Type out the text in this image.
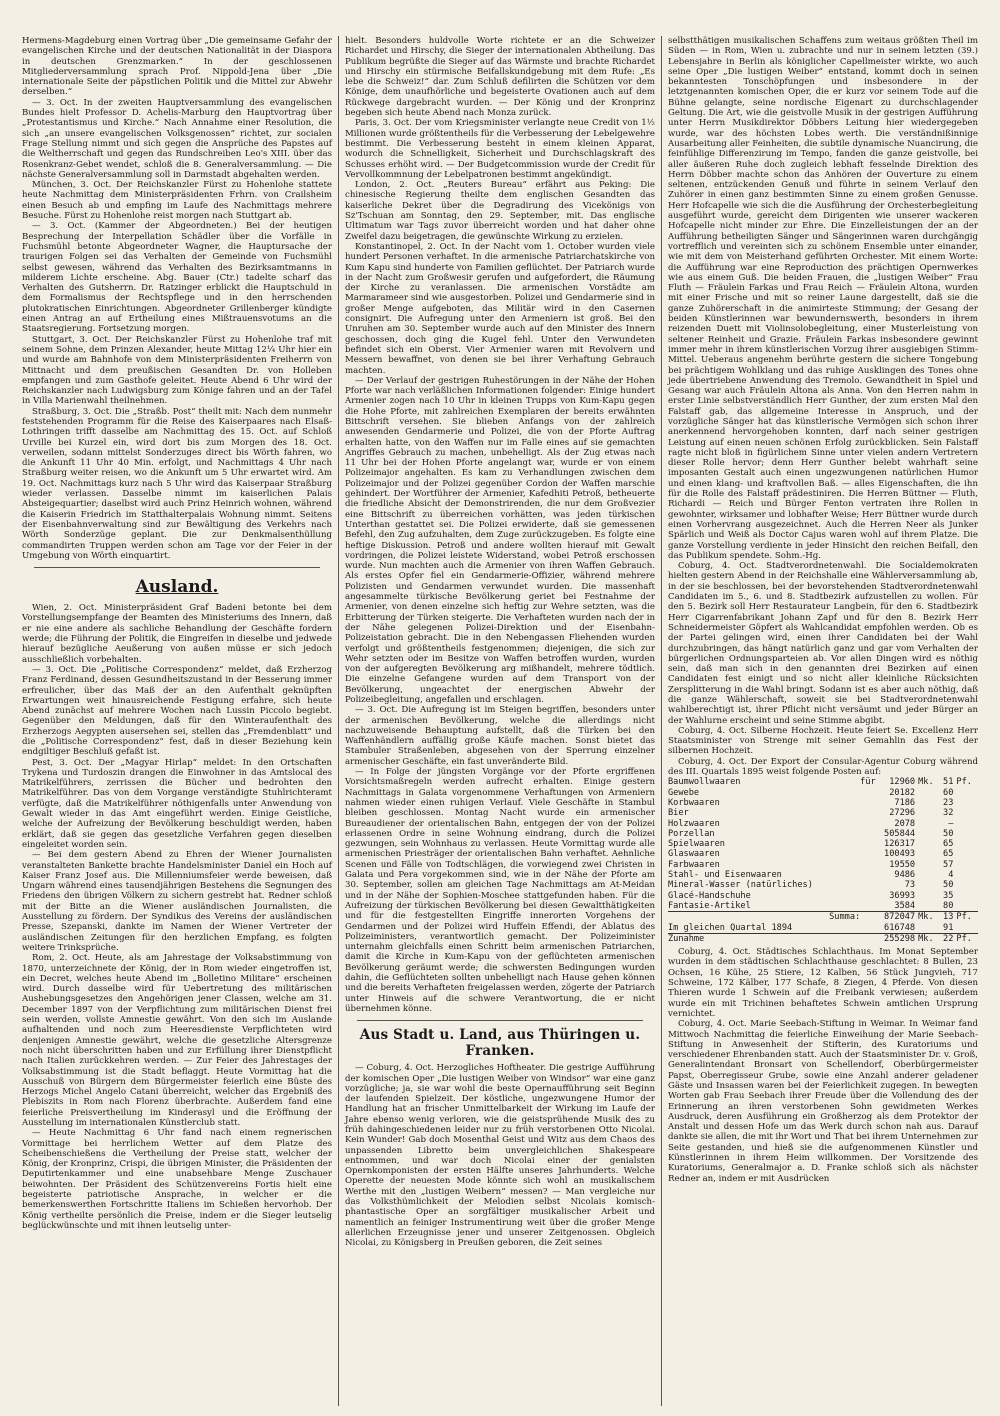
Hermens-Magdeburg einen Vortrag über „Die gemeinsame Gefahr der evangelischen Kirche und der deutschen Nationalität in der Diaspora in deutschen Grenzmarken.“ In der geschlossenen Mitgliederversammlung sprach Prof. Nippold-Jena über „Die internationale Seite der päpstlichen Politik und die Mittel zur Abwehr derselben.“

— 3. Oct. In der zweiten Hauptversammlung des evangelischen Bundes hielt Professor D. Achelis-Marburg den Hauptvortrag über „Protestantismus und Kirche.“ Nach Annahme einer Resolution, die sich „an unsere evangelischen Volksgenossen“ richtet, zur socialen Frage Stellung nimmt und sich gegen die Ansprüche des Papstes auf die Weltherrschaft und gegen das Rundschreiben Leo's XIII. über das Rosenkranz-Gebet wendet, schloß die 8. Generalversammlung. — Die nächste Generalversammlung soll in Darmstadt abgehalten werden.

München, 3. Oct. Der Reichskanzler Fürst zu Hohenlohe stattete heute Nachmittag dem Ministerpräsidenten Frhrn. von Crailsheim einen Besuch ab und empfing im Laufe des Nachmittags mehrere Besuche. Fürst zu Hohenlohe reist morgen nach Stuttgart ab.

— 3. Oct. (Kammer der Abgeordneten.) Bei der heutigen Besprechung der Interpellation Schädler über die Vorfälle in Fuchsmühl betonte Abgeordneter Wagner, die Hauptursache der traurigen Folgen sei das Verhalten der Gemeinde von Fuchsmühl selbst gewesen, während das Verhalten des Bezirksamtmanns in milderem Lichte erscheine. Abg. Bauer (Ctr.) tadelte scharf das Verhalten des Gutsherrn. Dr. Ratzinger erblickt die Hauptschuld in dem Formalismus der Rechtspflege und in den herrschenden plutokratischen Einrichtungen. Abgeordneter Grillenberger kündigte einen Antrag an auf Ertheilung eines Mißtrauensvotums an die Staatsregierung. Fortsetzung morgen.

Stuttgart, 3. Oct. Der Reichskanzler Fürst zu Hohenlohe traf mit seinem Sohne, dem Prinzen Alexander, heute Mittag 12¼ Uhr hier ein und wurde am Bahnhofe von dem Ministerpräsidenten Freiherrn von Mittnacht und dem preußischen Gesandten Dr. von Holleben empfangen und zum Gasthofe geleitet. Heute Abend 6 Uhr wird der Reichskanzler nach Ludwigsburg zum Könige fahren und an der Tafel in Villa Marienwahl theilnehmen.

Straßburg, 3. Oct. Die „Straßb. Post“ theilt mit: Nach dem nunmehr feststehenden Programm für die Reise des Kaiserpaares nach Elsaß-Lothringen trifft dasselbe am Nachmittag des 15. Oct. auf Schloß Urville bei Kurzel ein, wird dort bis zum Morgen des 18. Oct. verweilen, sodann mittelst Sonderzuges direct bis Wörth fahren, wo die Ankunft 11 Uhr 40 Min. erfolgt, und Nachmittags 4 Uhr nach Straßburg weiter reisen, wo die Ankunft um 5 Uhr erwartet wird. Am 19. Oct. Nachmittags kurz nach 5 Uhr wird das Kaiserpaar Straßburg wieder verlassen. Dasselbe nimmt im kaiserlichen Palais Absteigequartier; daselbst wird auch Prinz Heinrich wohnen, während die Kaiserin Friedrich im Statthalterpalais Wohnung nimmt. Seitens der Eisenbahnverwaltung sind zur Bewältigung des Verkehrs nach Wörth Sonderzüge geplant. Die zur Denkmalsenthüllung commandirten Truppen werden schon am Tage vor der Feier in der Umgebung von Wörth einquartirt.

Ausland.

Wien, 2. Oct. Ministerpräsident Graf Badeni betonte bei dem Vorstellungsempfange der Beamten des Ministeriums des Innern, daß er nie eine andere als sachliche Behandlung der Geschäfte fordern werde; die Führung der Politik, die Eingreifen in dieselbe und jedwede hierauf bezügliche Aeußerung von außen müsse er sich jedoch ausschließlich vorbehalten.

— 3. Oct. Die „Politische Correspondenz“ meldet, daß Erzherzog Franz Ferdinand, dessen Gesundheitszustand in der Besserung immer erfreulicher, über das Maß der an den Aufenthalt geknüpften Erwartungen weit hinausreichende Festigung erfahre, sich heute Abend zunächst auf mehrere Wochen nach Lussin Piccolo begiebt. Gegenüber den Meldungen, daß für den Winteraufenthalt des Erzherzogs Aegypten ausersehen sei, stellen das „Fremdenblatt“ und die „Politische Correspondenz“ fest, daß in dieser Beziehung kein endgiltiger Beschluß gefaßt ist.

Pest, 3. Oct. Der „Magyar Hirlap“ meldet: In den Ortschaften Trykena und Turdoszin drangen die Einwohner in das Amtslocal des Matrikelführers, zerrissen die Bücher und bedrohten den Matrikelführer. Das von dem Vorgange verständigte Stuhlrichteramt verfügte, daß die Matrikelführer nöthigenfalls unter Anwendung von Gewalt wieder in das Amt eingeführt werden. Einige Geistliche, welche der Aufreizung der Bevölkerung beschuldigt werden, haben erklärt, daß sie gegen das gesetzliche Verfahren gegen dieselben eingeleitet worden sein.

— Bei dem gestern Abend zu Ehren der Wiener Journalisten veranstalteten Bankette brachte Handelsminister Daniel ein Hoch auf Kaiser Franz Josef aus. Die Millenniumsfeier werde beweisen, daß Ungarn während eines tausendjährigen Bestehens die Segnungen des Friedens den übrigen Völkern zu sichern gestrebt hat. Redner schloß mit der Bitte an die Wiener ausländischen Journalisten, die Ausstellung zu fördern. Der Syndikus des Vereins der ausländischen Presse, Szepanski, dankte im Namen der Wiener Vertreter der ausländischen Zeitungen für den herzlichen Empfang, es folgten weitere Trinksprüche.

Rom, 2. Oct. Heute, als am Jahrestage der Volksabstimmung von 1870, unterzeichnete der König, der in Rom wieder eingetroffen ist, ein Decret, welches heute Abend im „Bolletino Militare“ erscheinen wird. Durch dasselbe wird für Uebertretung des militärischen Aushebungsgesetzes den Angehörigen jener Classen, welche am 31. December 1897 von der Verpflichtung zum militärischen Dienst frei sein werden, vollste Amnestie gewährt. Von den sich im Auslande aufhaltenden und noch zum Heeresdienste Verpflichteten wird denjenigen Amnestie gewährt, welche die gesetzliche Altersgrenze noch nicht überschritten haben und zur Erfüllung ihrer Dienstpflicht nach Italien zurückkehren werden. — Zur Feier des Jahrestages der Volksabstimmung ist die Stadt beflaggt. Heute Vormittag hat die Ausschuß von Bürgern dem Bürgermeister feierlich eine Büste des Herzogs Michel Angelo Catani überreicht, welcher das Ergebniß des Plebiszits in Rom nach Florenz überbrachte. Außerdem fand eine feierliche Preisvertheilung im Kinderasyl und die Eröffnung der Ausstellung im internationalen Künstlerclub statt.

— Heute Nachmittag 6 Uhr fand nach einem regnerischen Vormittage bei herrlichem Wetter auf dem Platze des Scheibenschießens die Vertheilung der Preise statt, welcher der König, der Kronprinz, Crispi, die übrigen Minister, die Präsidenten der Deputirtenkammer und eine unabsehbare Menge Zuschauer beiwohnten. Der Präsident des Schützenvereins Fortis hielt eine begeisterte patriotische Ansprache, in welcher er die bemerkenswerthen Fortschritte Italiens im Schießen hervorhob. Der König vertheilte persönlich die Preise, indem er die Sieger leutselig beglückwünschte und mit ihnen leutselig unter-

hielt. Besonders huldvolle Worte richtete er an die Schweizer Richardet und Hirschy, die Sieger der internationalen Abtheilung. Das Publikum begrüßte die Sieger auf das Wärmste und brachte Richardet und Hirschy ein stürmische Beifallskundgebung mit dem Rufe: „Es lebe die Schweiz!“ dar. Zum Schluß defilirten die Schützen vor dem Könige, dem unaufhörliche und begeisterte Ovationen auch auf dem Rückwege dargebracht wurden. — Der König und der Kronprinz begeben sich heute Abend nach Monza zurück.

Paris, 3. Oct. Der vom Kriegsminister verlangte neue Credit von 1½ Millionen wurde größtentheils für die Verbesserung der Lebelgewehre bestimmt. Die Verbesserung besteht in einem kleinen Apparat, wodurch die Schnelligkeit, Sicherheit und Durchschlagskraft des Schusses erhöht wird. — Der Budgetcommission wurde der Credit für Vervollkommnung der Lebelpatronen bestimmt angekündigt.

London, 2. Oct. „Reuters Bureau“ erfährt aus Peking: Die chinesische Regierung theilte dem englischen Gesandten das kaiserliche Dekret über die Degradirung des Vicekönigs von Sz'Tschuan am Sonntag, den 29. September, mit. Das englische Ultimatum war Tags zuvor überreicht worden und hat daher ohne Zweifel dazu beigetragen, die gewünschte Wirkung zu erzielen.

Konstantinopel, 2. Oct. In der Nacht vom 1. October wurden viele hundert Personen verhaftet. In die armenische Patriarchatskirche von Kum Kapu sind hunderte von Familien geflüchtet. Der Patriarch wurde in der Nacht zum Großwesir gerufen und aufgefordert, die Räumung der Kirche zu veranlassen. Die armenischen Vorstädte am Marmarameer sind wie ausgestorben. Polizei und Gendarmerie sind in großer Menge aufgeboten, das Militär wird in den Casernen consignirt. Die Aufregung unter den Armeniern ist groß. Bei den Unruhen am 30. September wurde auch auf den Minister des Innern geschossen, doch ging die Kugel fehl. Unter den Verwundeten befindet sich ein Oberst. Vier Armenier waren mit Revolvern und Messern bewaffnet, von denen sie bei ihrer Verhaftung Gebrauch machten.

— Der Verlauf der gestrigen Ruhestörungen in der Nähe der Hohen Pforte war nach verläßlichen Informationen folgender: Einige hundert Armenier zogen nach 10 Uhr in kleinen Trupps von Kum-Kapu gegen die Hohe Pforte, mit zahlreichen Exemplaren der bereits erwähnten Bittschrift versehen. Sie blieben Anfangs von der zahlreich anwesenden Gendarmerie und Polizei, die von der Pforte Auftrag erhalten hatte, von den Waffen nur im Falle eines auf sie gemachten Angriffes Gebrauch zu machen, unbehelligt. Als der Zug etwas nach 11 Uhr bei der Hohen Pforte angelangt war, wurde er von einem Polizeimajor angehalten. Es kam zu Verhandlungen zwischen dem Polizeimajor und der Polizei gegenüber Cordon der Waffen marschie gehindert. Der Wortführer der Armenier, Kafedhiti Petroß, betheuerte die friedliche Absicht der Demonstrirenden, die nur dem Großvezier eine Bittschrift zu überreichen vorhätten, was jeden türkischen Unterthan gestattet sei. Die Polizei erwiderte, daß sie gemessenen Befehl, den Zug aufzuhalten, dem Zuge zurückzugeben. Es folgte eine heftige Diskussion. Petroß und andere wollten hierauf mit Gewalt vordringen, die Polizei leistete Widerstand, wobei Petroß erschossen wurde. Nun machten auch die Armenier von ihren Waffen Gebrauch. Als erstes Opfer fiel ein Gendarmerie-Offizier, während mehrere Polizisten und Gendarmen verwundet wurden. Die massenhaft angesammelte türkische Bevölkerung geriet bei Festnahme der Armenier, von denen einzelne sich heftig zur Wehre setzten, was die Erbitterung der Türken steigerte. Die Verhafteten wurden nach der in der Nähe gelegenen Polizei-Direktion und der Eisenbahn-Polizeistation gebracht. Die in den Nebengassen Fliehenden wurden verfolgt und größtentheils festgenommen; diejenigen, die sich zur Wehr setzten oder im Besitze von Waffen betroffen wurden, wurden von der aufgeregten Bevölkerung arg mißhandelt, mehrere tödtlich. Die einzelne Gefangene wurden auf dem Transport von der Bevölkerung, ungeachtet der energischen Abwehr der Polizeibegleitung, angefallen und erschlagen.

— 3. Oct. Die Aufregung ist im Steigen begriffen, besonders unter der armenischen Bevölkerung, welche die allerdings nicht nachzuweisende Behauptung aufstellt, daß die Türken bei den Waffenhändlern auffällig große Käufe machen. Sonst bietet das Stambuler Straßenleben, abgesehen von der Sperrung einzelner armenischer Geschäfte, ein fast unveränderte Bild.

— In Folge der jüngsten Vorgänge vor der Pforte ergriffenen Vorsichtsmaßregeln werden aufrecht erhalten. Einige gestern Nachmittags in Galata vorgenommene Verhaftungen von Armeniern nahmen wieder einen ruhigen Verlauf. Viele Geschäfte in Stambul bleiben geschlossen. Montag Nacht wurde ein armenischer Bureaudiener der orientalischen Bahn, entgegen der von der Polizei erlassenen Ordre in seine Wohnung eindrang, durch die Polizei gezwungen, sein Wohnhaus zu verlassen. Heute Vormittag wurde alle armenischen Priesträger der orientalischen Bahn verhaftet. Aehnliche Scenen und Fälle von Todtschlägen, die vorwiegend zwei Christen in Galata und Pera vorgekommen sind, wie in der Nähe der Pforte am 30. September, sollen am gleichen Tage Nachmittags am At-Meidan und in der Nähe der Sophien-Moschee stattgefunden haben. Für die Aufreizung der türkischen Bevölkerung bei diesen Gewaltthätigkeiten und für die festgestellten Eingriffe innerorten Vorgehens der Gendarmen und der Polizei wird Huffein Effendi, der Ablatus des Polizeiministers, verantwortlich gemacht. Der Polizeiminister unternahm gleichfalls einen Schritt beim armenischen Patriarchen, damit die Kirche in Kum-Kapu von der geflüchteten armenischen Bevölkerung geräumt werde; die schwersten Bedingungen wurden dahin, die Geflüchteten sollten unbehelligt nach Hause gehen können und die bereits Verhafteten freigelassen werden, zögerte der Patriarch unter Hinweis auf die schwere Verantwortung, die er nicht übernehmen könne.

Aus Stadt u. Land, aus Thüringen u. Franken.

— Coburg, 4. Oct. Herzogliches Hoftheater. Die gestrige Aufführung der komischen Oper „Die lustigen Weiber von Windsor“ war eine ganz vorzügliche; ja, sie war wohl die beste Opernaufführung seit Beginn der laufenden Spielzeit. Der köstliche, ungezwungene Humor der Handlung hat an frischer Unmittelbarkeit der Wirkung im Laufe der Jahre ebenso wenig verloren, wie die geistsprühende Musik des zu früh dahingeschiedenen leider nur zu früh verstorbenen Otto Nicolai. Kein Wunder! Gab doch Mosenthal Geist und Witz aus dem Chaos des unpassenden Libretto beim unvergleichlichen Shakespeare entnommen, und war doch Nicolai einer der genialsten Opernkomponisten der ersten Hälfte unseres Jahrhunderts. Welche Operette der neuesten Mode könnte sich wohl an musikalischem Werthe mit den „lustigen Weibern“ messen? — Man vergleiche nur das Volksthümlichkeit der Melodien selbst Nicolais komisch-phantastische Oper an sorgfältiger musikalischer Arbeit und namentlich an feiniger Instrumentirung weit über die großer Menge allerlichen Erzeugnisse jener und unserer Zeitgenossen. Obgleich Nicolai, zu Königsberg in Preußen geboren, die Zeit seines

selbstthätigen musikalischen Schaffens zum weitaus größten Theil im Süden — in Rom, Wien u. zubrachte und nur in seinem letzten (39.) Lebensjahre in Berlin als königlicher Capellmeister wirkte, wo auch seine Oper „Die lustigen Weiber“ entstand, kommt doch in seinen bekanntesten Tonschöpfungen und insbesondere in der letztgenannten komischen Oper, die er kurz vor seinem Tode auf die Bühne gelangte, seine nordische Eigenart zu durchschlagender Geltung. Die Art, wie die geistvolle Musik in der gestrigen Aufführung unter Herrn Musikdirektor Döbbers Leitung hier wiedergegeben wurde, war des höchsten Lobes werth. Die verständnißinnige Ausarbeitung aller Feinheiten, die subtile dynamische Nuancirung, die feinfühlige Differenzirung im Tempo, fanden die ganze geistvolle, bei aller äußeren Ruhe doch zugleich lebhaft fesselnde Direktion des Herrn Döbber machte schon das Anhören der Ouverture zu einem seltenen, entzückenden Genuß und führte in seinem Verlauf den Zuhörer in einen ganz bestimmten Sinne zu einem großen Genusse. Herr Hofcapelle wie sich die die Ausführung der Orchesterbegleitung ausgeführt wurde, gereicht dem Dirigenten wie unserer wackeren Hofcapelle nicht minder zur Ehre. Die Einzelleistungen der an der Aufführung betheiligten Sänger und Sängerinnen waren durchgängig vortrefflich und vereinten sich zu schönem Ensemble unter einander, wie mit dem von Meisterhand geführten Orchester. Mit einem Worte: die Aufführung war eine Reproduction des prächtigen Opernwerkes wie aus einem Guß. Die beiden Frauen, die „lustigen Weiber“ Frau Fluth — Fräulein Farkas und Frau Reich — Fräulein Altona, wurden mit einer Frische und mit so reiner Laune dargestellt, daß sie die ganze Zuhörerschaft in die animirteste Stimmung; der Gesang der beiden Künstlerinnen war bewundernswerth, besonders in ihrem reizenden Duett mit Violinsolobegleitung, einer Musterleistung von seltener Reinheit und Grazie. Fräulein Farkas insbesondere gewinnt immer mehr in ihrem künstlerischen Vorzug ihrer ausgiebigen Stimm-Mittel. Ueberaus angenehm berührte gestern die sichere Tongebung bei prächtigem Wohlklang und das ruhige Ausklingen des Tones ohne jede übertriebene Anwendung des Tremolo. Gewandtheit in Spiel und Gesang war auch Fräulein Altona als Anna. Von den Herren nahm in erster Linie selbstverständlich Herr Gunther, der zum ersten Mal den Falstaff gab, das allgemeine Interesse in Anspruch, und der vorzügliche Sänger hat das künstlerische Vermögen sich schon ihrer anerkennend hervorgehoben konnten, darf nach seiner gestrigen Leistung auf einen neuen schönen Erfolg zurückblicken. Sein Falstaff ragte nicht bloß in figürlichem Sinne unter vielen andern Vertretern dieser Rolle hervor; denn Herr Gunther belebt wahrhaft seine imposanten Gestalt auch einen ungezwungenen natürlichen Humor und einen klang- und kraftvollen Baß. — alles Eigenschaften, die ihn für die Rolle des Falstaff prädestiniren. Die Herren Büttner — Fluth, Richardi — Reich und Bürger Fenton vertraten ihre Rollen in gewohnter, wirksamer und lobhafter Weise; Herr Büttner wurde durch einen Vorhervrang ausgezeichnet. Auch die Herren Neer als Junker Spärlich und Weiß als Doctor Cajus waren wohl auf ihrem Platze. Die ganze Vorstellung verdiente in jeder Hinsicht den reichen Beifall, den das Publikum spendete. Sohm.-Hg.

Coburg, 4. Oct. Stadtverordnetenwahl. Die Socialdemokraten hielten gestern Abend in der Reichshalle eine Wählerversammlung ab, in der sie beschlossen, bei der bevorstehenden Stadtverordnetenwahl Candidaten im 5., 6. und 8. Stadtbezirk aufzustellen zu wollen. Für den 5. Bezirk soll Herr Restaurateur Langbein, für den 6. Stadtbezirk Herr Cigarrenfabrikant Johann Zapf und für den 8. Bezirk Herr Schneidermeister Göpfert als Wahlcandidat empfohlen werden. Ob es der Partei gelingen wird, einen ihrer Candidaten bei der Wahl durchzubringen, das hängt natürlich ganz und gar vom Verhalten der bürgerlichen Ordnungsparteien ab. Vor allen Dingen wird es nöthig sein, daß man sich in den genannten drei Bezirken auf einen Candidaten fest einigt und so nicht aller kleinliche Rücksichten Zersplitterung in die Wahl bringt. Sodann ist es aber auch nöthig, daß die ganze Wählerschaft, soweit sie bei Stadtverordnetenwahl wahlberechtigt ist, ihrer Pflicht nicht versäumt und jeder Bürger an der Wahlurne erscheint und seine Stimme abgibt.

Coburg, 4. Oct. Silberne Hochzeit. Heute feiert Se. Excellenz Herr Staatsminister von Strenge mit seiner Gemahlin das Fest der silbernen Hochzeit.

Coburg, 4. Oct. Der Export der Consular-Agentur Coburg während des III. Quartals 1895 weist folgende Posten auf:

Baumwollwaaren	für 12960	Mk.	51	Pf.
Gewebe	20182		60	
Korbwaaren	7186		23	
Bier	27296		32	
Holzwaaren	2078		—	
Porzellan	505844		50	
Spielwaaren	126317		65	
Glaswaaren	100493		65	
Farbwaaren	19550		57	
Stahl- und Eisenwaaren	9486		4	
Mineral-Wasser (natürliches)	73		50	
Glacé-Handschuhe	36993		35	
Fantasie-Artikel	3584		80	
Summa:	872047	Mk.	13	Pf.
Im gleichen Quartal 1894	616748		91	
Zunahme	255298	Mk.	22	Pf.

Coburg, 4. Oct. Städtisches Schlachthaus. Im Monat September wurden in dem städtischen Schlachthause geschlachtet: 8 Bullen, 23 Ochsen, 16 Kühe, 25 Stiere, 12 Kalben, 56 Stück Jungvieh, 717 Schweine, 172 Kälber, 177 Schafe, 8 Ziegen, 4 Pferde. Von diesen Thieren wurde 1 Schwein auf die Freibank verwiesen; außerdem wurde ein mit Trichinen behaftetes Schwein amtlichen Ursprung vernichtet.

Coburg, 4. Oct. Marie Seebach-Stiftung in Weimar. In Weimar fand Mittwoch Nachmittag die feierliche Einweihung der Marie Seebach-Stiftung in Anwesenheit der Stifterin, des Kuratoriums und verschiedener Ehrenbanden statt. Auch der Staatsminister Dr. v. Groß, Generalintendant Bronsart von Schellendorf, Oberbürgermeister Papst, Oberregisseur Grube, sowie eine Anzahl anderer geladener Gäste und Insassen waren bei der Feierlichkeit zugegen. In bewegten Worten gab Frau Seebach ihrer Freude über die Vollendung des der Erinnerung an ihren verstorbenen Sohn gewidmeten Werkes Ausdruck, deren Ausführung ein Großherzog als dem Protektor der Anstalt und dessen Hofe um das Werk durch schon nah aus. Darauf dankte sie allen, die mit ihr Wort und That bei ihrem Unternehmen zur Seite gestanden, und hieß sie die aufgenommenen Künstler und Künstlerinnen in ihrem Heim willkommen. Der Vorsitzende des Kuratoriums, Generalmajor a. D. Franke schloß sich als nächster Redner an, indem er mit Ausdrücken
